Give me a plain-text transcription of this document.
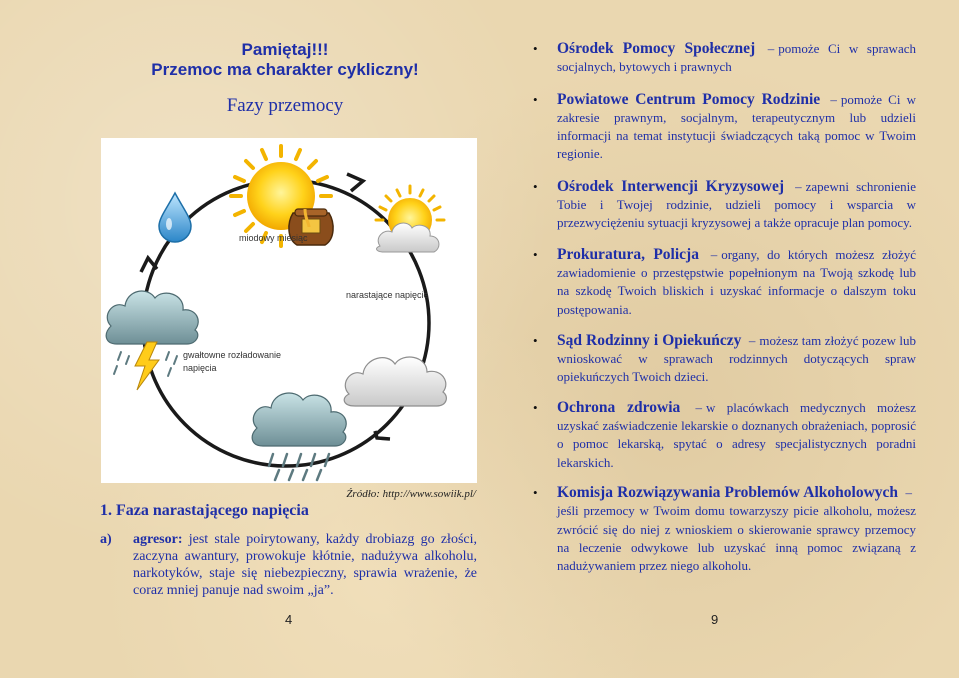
Pamiętaj!!!
Przemoc ma charakter cykliczny!
Fazy przemocy
miodowy miesiąc
narastające napięcie
gwałtowne rozładowanie
napięcia
Źródło: http://www.sowiik.pl/
1. Faza narastającego napięcia
a) agresor: jest stale poirytowany, każdy drobiazg go złości, zaczyna awantury, prowokuje kłótnie, nadużywa alkoholu, narkotyków, staje się niebezpieczny, sprawia wrażenie, że coraz mniej panuje nad swoim „ja”.
4
• Ośrodek Pomocy Społecznej – pomoże Ci w sprawach socjalnych, bytowych i prawnych
• Powiatowe Centrum Pomocy Rodzinie – pomoże Ci w zakresie prawnym, socjalnym, terapeutycznym lub udzieli informacji na temat instytucji świadczących taką pomoc w Twoim regionie.
• Ośrodek Interwencji Kryzysowej – zapewni schronienie Tobie i Twojej rodzinie, udzieli pomocy i wsparcia w przezwyciężeniu sytuacji kryzysowej a także opracuje plan pomocy.
• Prokuratura, Policja – organy, do których możesz złożyć zawiadomienie o przestępstwie popełnionym na Twoją szkodę lub na szkodę Twoich bliskich i uzyskać informacje o dalszym toku postępowania.
• Sąd Rodzinny i Opiekuńczy – możesz tam złożyć pozew lub wnioskować w sprawach rodzinnych dotyczących spraw opiekuńczych Twoich dzieci.
• Ochrona zdrowia – w placówkach medycznych możesz uzyskać zaświadczenie lekarskie o doznanych obrażeniach, poprosić o pomoc lekarską, spytać o adresy specjalistycznych poradni lekarskich.
• Komisja Rozwiązywania Problemów Alkoholowych –jeśli przemocy w Twoim domu towarzyszy picie alkoholu, możesz zwrócić się do niej z wnioskiem o skierowanie sprawcy przemocy na leczenie odwykowe lub uzyskać inną pomoc związaną z nadużywaniem przez niego alkoholu.
9
